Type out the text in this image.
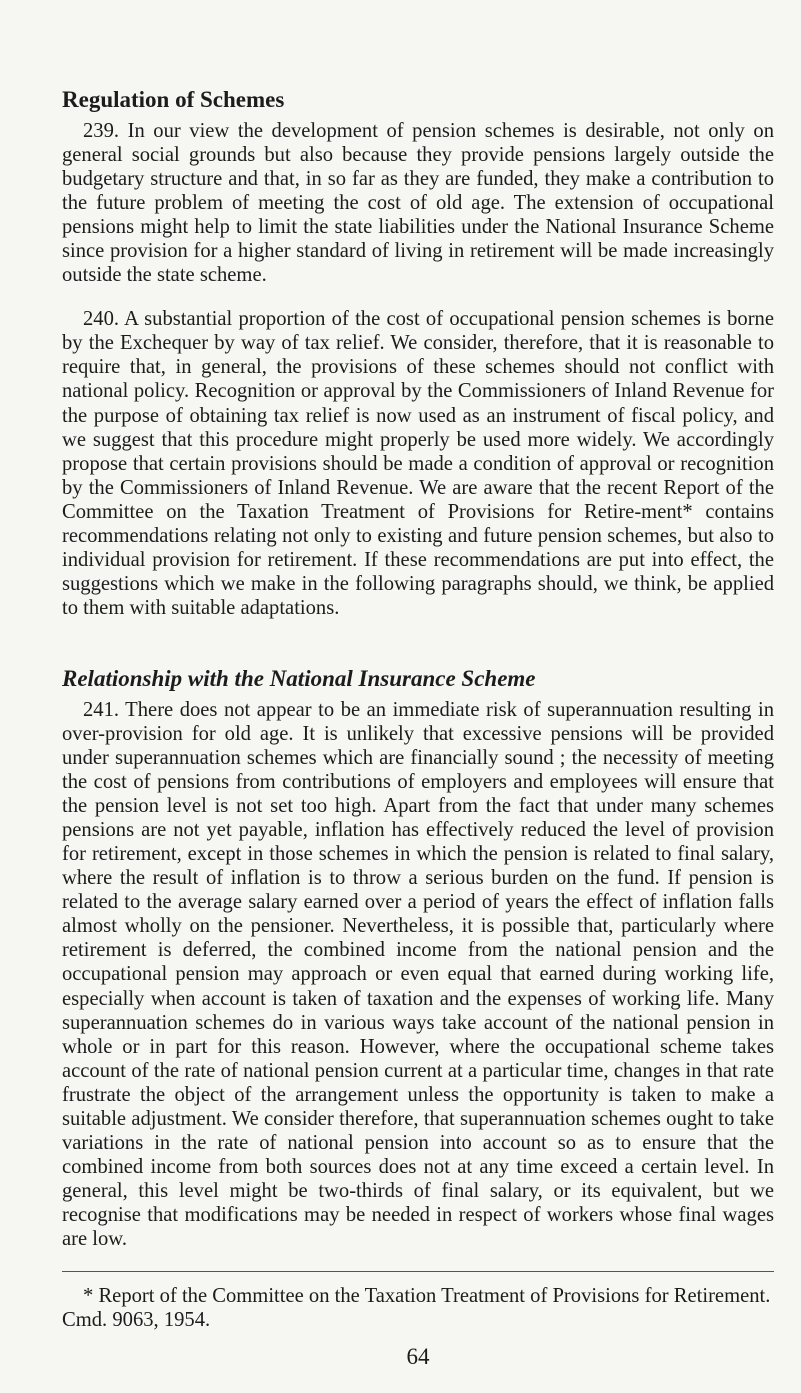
Regulation of Schemes

239. In our view the development of pension schemes is desirable, not only on general social grounds but also because they provide pensions largely outside the budgetary structure and that, in so far as they are funded, they make a contribution to the future problem of meeting the cost of old age. The extension of occupational pensions might help to limit the state liabilities under the National Insurance Scheme since provision for a higher standard of living in retirement will be made increasingly outside the state scheme.

240. A substantial proportion of the cost of occupational pension schemes is borne by the Exchequer by way of tax relief. We consider, therefore, that it is reasonable to require that, in general, the provisions of these schemes should not conflict with national policy. Recognition or approval by the Commissioners of Inland Revenue for the purpose of obtaining tax relief is now used as an instrument of fiscal policy, and we suggest that this procedure might properly be used more widely. We accordingly propose that certain provisions should be made a condition of approval or recognition by the Commissioners of Inland Revenue. We are aware that the recent Report of the Committee on the Taxation Treatment of Provisions for Retire-ment* contains recommendations relating not only to existing and future pension schemes, but also to individual provision for retirement. If these recommendations are put into effect, the suggestions which we make in the following paragraphs should, we think, be applied to them with suitable adaptations.

Relationship with the National Insurance Scheme

241. There does not appear to be an immediate risk of superannuation resulting in over-provision for old age. It is unlikely that excessive pensions will be provided under superannuation schemes which are financially sound ; the necessity of meeting the cost of pensions from contributions of employers and employees will ensure that the pension level is not set too high. Apart from the fact that under many schemes pensions are not yet payable, inflation has effectively reduced the level of provision for retirement, except in those schemes in which the pension is related to final salary, where the result of inflation is to throw a serious burden on the fund. If pension is related to the average salary earned over a period of years the effect of inflation falls almost wholly on the pensioner. Nevertheless, it is possible that, particularly where retirement is deferred, the combined income from the national pension and the occupational pension may approach or even equal that earned during working life, especially when account is taken of taxation and the expenses of working life. Many superannuation schemes do in various ways take account of the national pension in whole or in part for this reason. However, where the occupational scheme takes account of the rate of national pension current at a particular time, changes in that rate frustrate the object of the arrangement unless the opportunity is taken to make a suitable adjustment. We consider therefore, that superannuation schemes ought to take variations in the rate of national pension into account so as to ensure that the combined income from both sources does not at any time exceed a certain level. In general, this level might be two-thirds of final salary, or its equivalent, but we recognise that modifications may be needed in respect of workers whose final wages are low.

* Report of the Committee on the Taxation Treatment of Provisions for Retirement. Cmd. 9063, 1954.

64
